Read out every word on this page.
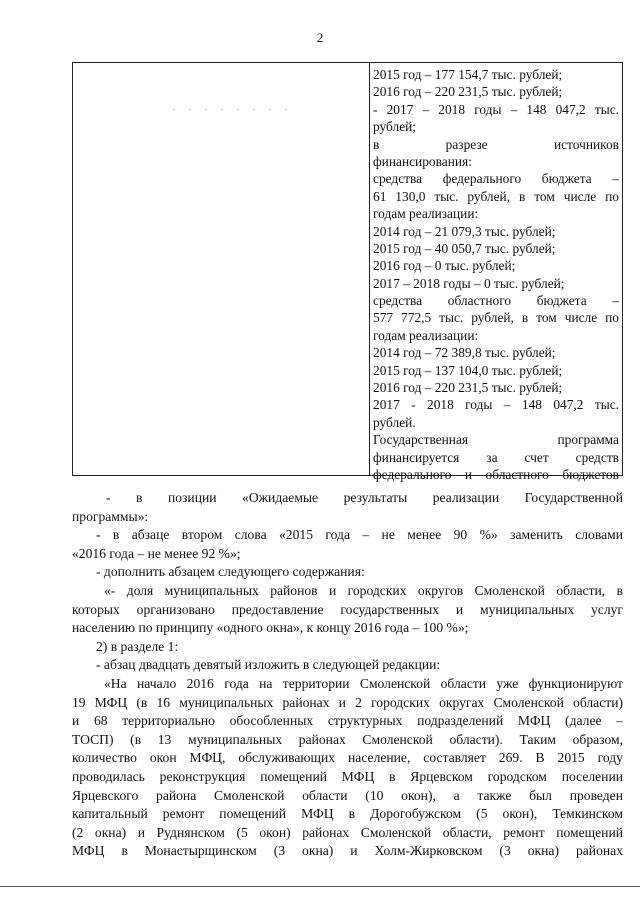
2
. . . . . . . .
2015 год – 177 154,7 тыс. рублей;
2016 год – 220 231,5 тыс. рублей;
- 2017 – 2018 годы – 148 047,2 тыс.
рублей;
в разрезе источников
финансирования:
средства федерального бюджета –
61 130,0 тыс. рублей, в том числе по
годам реализации:
2014 год – 21 079,3 тыс. рублей;
2015 год – 40 050,7 тыс. рублей;
2016 год – 0 тыс. рублей;
2017 – 2018 годы – 0 тыс. рублей;
средства областного бюджета –
577 772,5 тыс. рублей, в том числе по
годам реализации:
2014 год – 72 389,8 тыс. рублей;
2015 год – 137 104,0 тыс. рублей;
2016 год – 220 231,5 тыс. рублей;
2017 - 2018 годы – 148 047,2 тыс.
рублей.
Государственная программа
финансируется за счет средств
федерального и областного бюджетов
- в позиции «Ожидаемые результаты реализации Государственной
программы»:
- в абзаце втором слова «2015 года – не менее 90 %» заменить словами
«2016 года – не менее 92 %»;
- дополнить абзацем следующего содержания:
«- доля муниципальных районов и городских округов Смоленской области, в
которых организовано предоставление государственных и муниципальных услуг
населению по принципу «одного окна», к концу 2016 года – 100 %»;
2) в разделе 1:
- абзац двадцать девятый изложить в следующей редакции:
«На начало 2016 года на территории Смоленской области уже функционируют
19 МФЦ (в 16 муниципальных районах и 2 городских округах Смоленской области)
и 68 территориально обособленных структурных подразделений МФЦ (далее –
ТОСП) (в 13 муниципальных районах Смоленской области). Таким образом,
количество окон МФЦ, обслуживающих население, составляет 269. В 2015 году
проводилась реконструкция помещений МФЦ в Ярцевском городском поселении
Ярцевского района Смоленской области (10 окон), а также был проведен
капитальный ремонт помещений МФЦ в Дорогобужском (5 окон), Темкинском
(2 окна) и Руднянском (5 окон) районах Смоленской области, ремонт помещений
МФЦ в Монастырщинском (3 окна) и Холм-Жирковском (3 окна) районах
